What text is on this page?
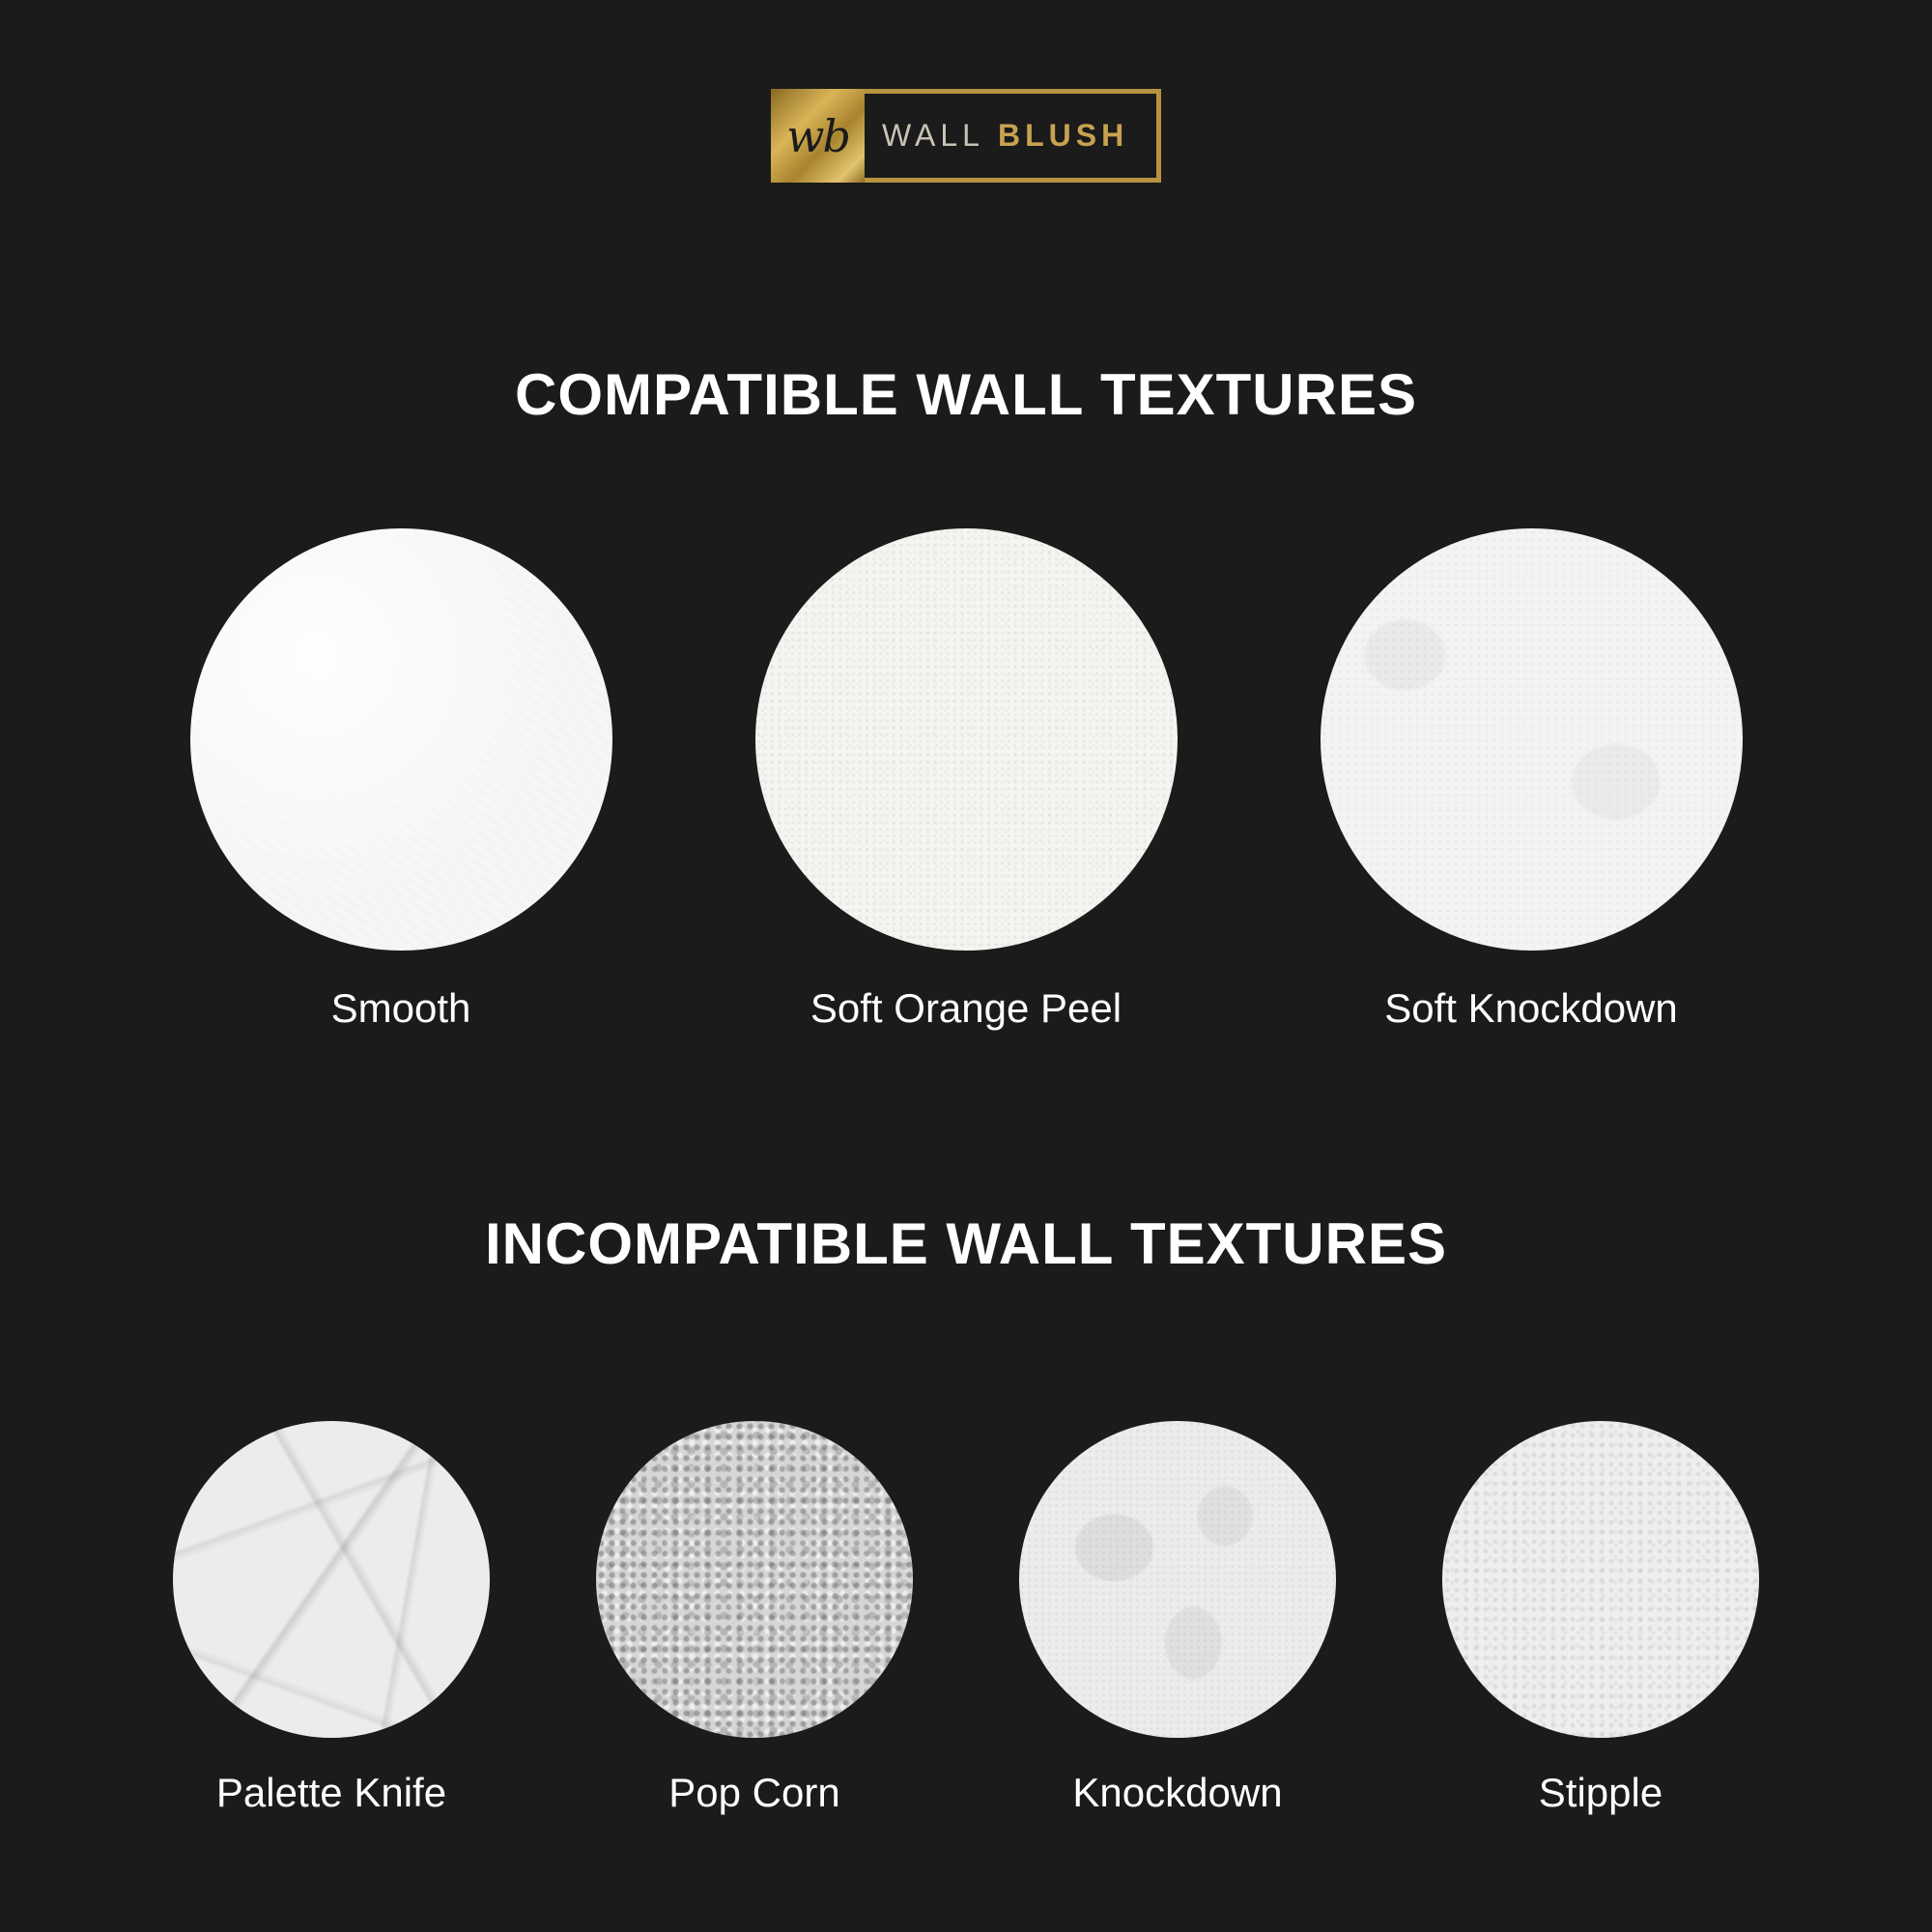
wb	WALL BLUSH
COMPATIBLE WALL TEXTURES
Smooth	Soft Orange Peel	Soft Knockdown
INCOMPATIBLE WALL TEXTURES
Palette Knife	Pop Corn	Knockdown	Stipple
